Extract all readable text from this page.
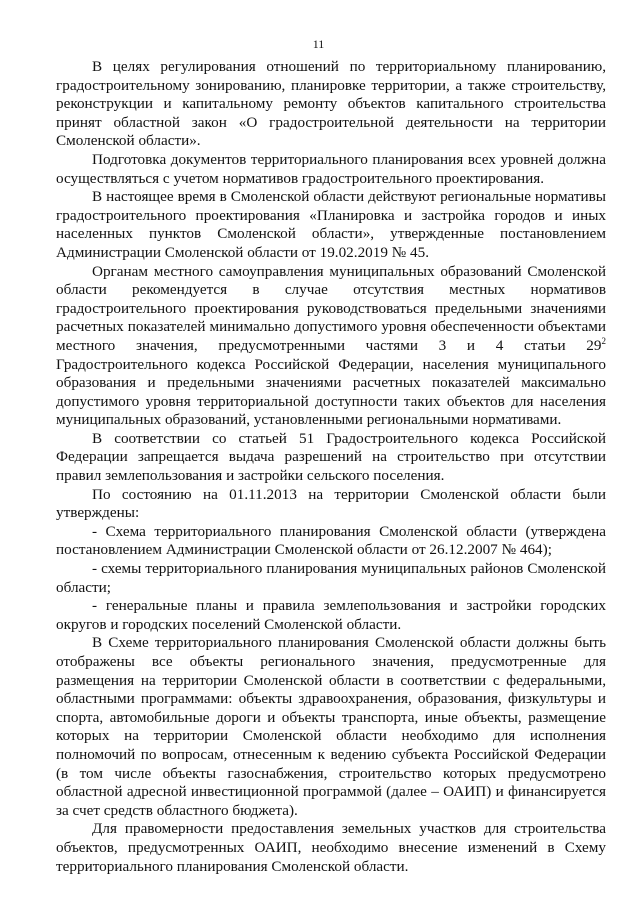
11

В целях регулирования отношений по территориальному планированию, градостроительному зонированию, планировке территории, а также строительству, реконструкции и капитальному ремонту объектов капитального строительства принят областной закон «О градостроительной деятельности на территории Смоленской области».

Подготовка документов территориального планирования всех уровней должна осуществляться с учетом нормативов градостроительного проектирования.

В настоящее время в Смоленской области действуют региональные нормативы градостроительного проектирования «Планировка и застройка городов и иных населенных пунктов Смоленской области», утвержденные постановлением Администрации Смоленской области от 19.02.2019 № 45.

Органам местного самоуправления муниципальных образований Смоленской области рекомендуется в случае отсутствия местных нормативов градостроительного проектирования руководствоваться предельными значениями расчетных показателей минимально допустимого уровня обеспеченности объектами местного значения, предусмотренными частями 3 и 4 статьи $29^2$ Градостроительного кодекса Российской Федерации, населения муниципального образования и предельными значениями расчетных показателей максимально допустимого уровня территориальной доступности таких объектов для населения муниципальных образований, установленными региональными нормативами.

В соответствии со статьей 51 Градостроительного кодекса Российской Федерации запрещается выдача разрешений на строительство при отсутствии правил землепользования и застройки сельского поселения.

По состоянию на 01.11.2013 на территории Смоленской области были утверждены:

- Схема территориального планирования Смоленской области (утверждена постановлением Администрации Смоленской области от 26.12.2007 № 464);

- схемы территориального планирования муниципальных районов Смоленской области;

- генеральные планы и правила землепользования и застройки городских округов и городских поселений Смоленской области.

В Схеме территориального планирования Смоленской области должны быть отображены все объекты регионального значения, предусмотренные для размещения на территории Смоленской области в соответствии с федеральными, областными программами: объекты здравоохранения, образования, физкультуры и спорта, автомобильные дороги и объекты транспорта, иные объекты, размещение которых на территории Смоленской области необходимо для исполнения полномочий по вопросам, отнесенным к ведению субъекта Российской Федерации (в том числе объекты газоснабжения, строительство которых предусмотрено областной адресной инвестиционной программой (далее – ОАИП) и финансируется за счет средств областного бюджета).

Для правомерности предоставления земельных участков для строительства объектов, предусмотренных ОАИП, необходимо внесение изменений в Схему территориального планирования Смоленской области.
